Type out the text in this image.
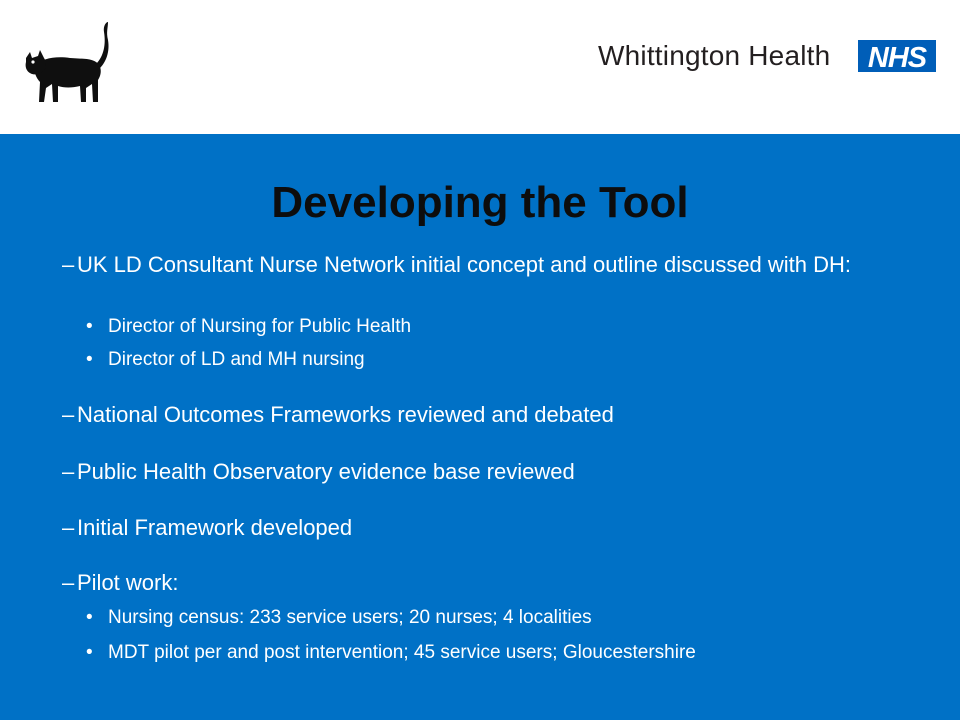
Whittington Health NHS
Developing the Tool
– UK LD Consultant Nurse Network initial concept and outline discussed with DH:
• Director of Nursing for Public Health
• Director of LD and MH nursing
– National Outcomes Frameworks reviewed and debated
– Public Health Observatory evidence base reviewed
– Initial Framework developed
– Pilot work:
• Nursing census: 233 service users; 20 nurses; 4 localities
• MDT pilot per and post intervention; 45 service users; Gloucestershire
